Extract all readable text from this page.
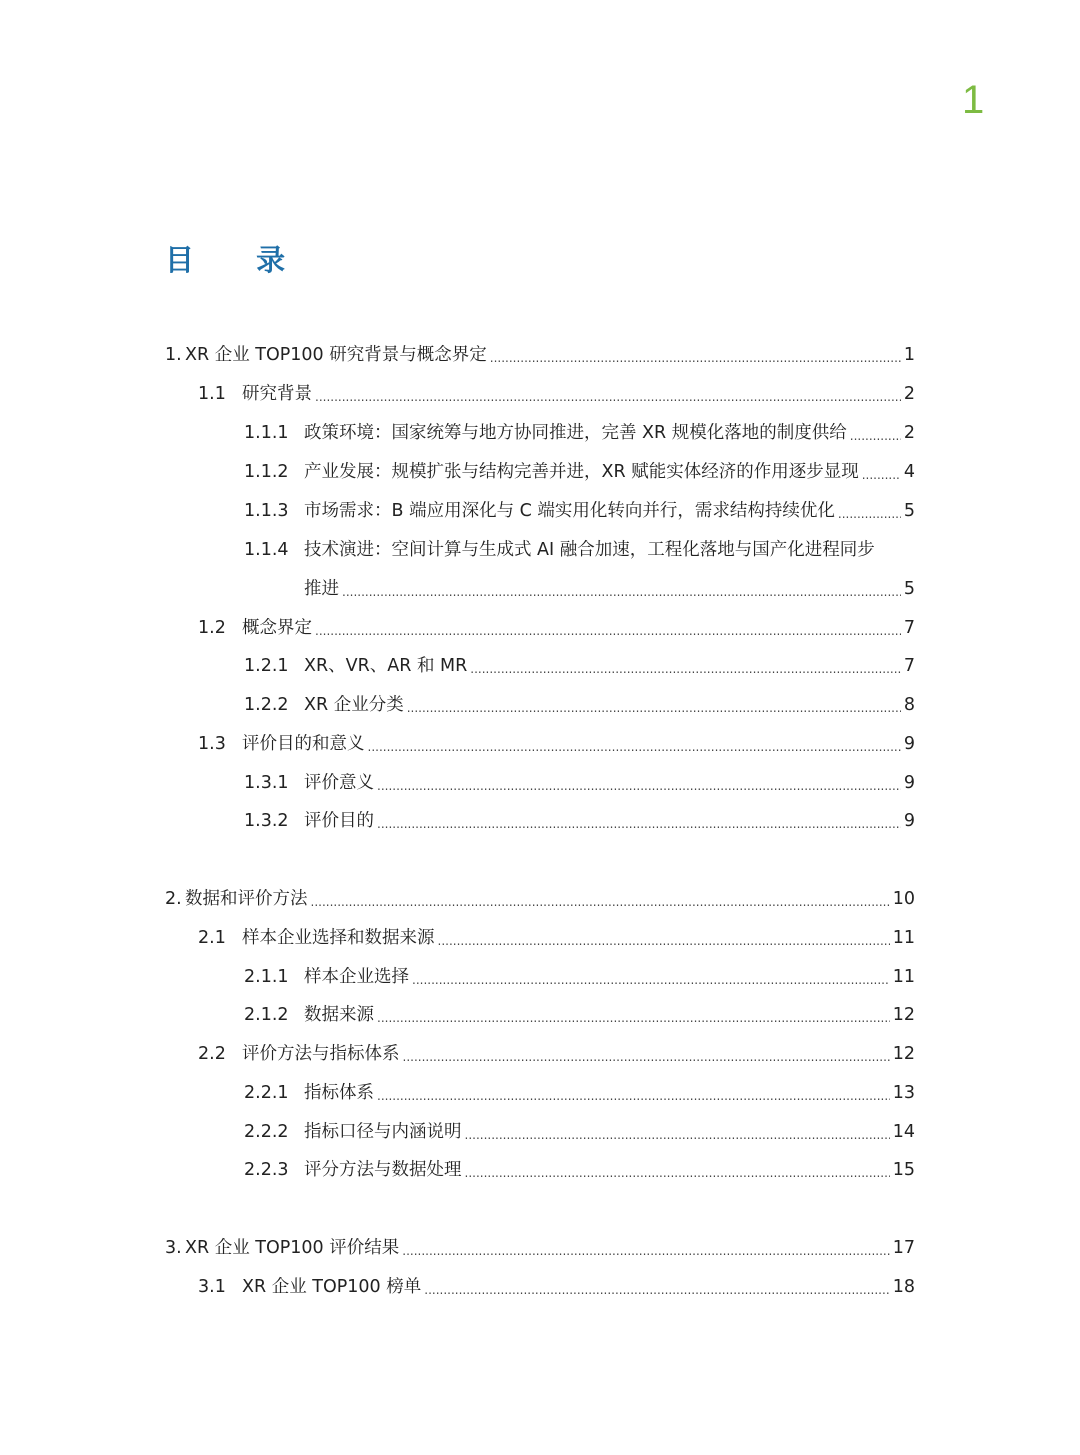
1
目 录
1. XR 企业 TOP100 研究背景与概念界定 .....	1
1.1 研究背景 .....	2
1.1.1 政策环境：国家统筹与地方协同推进，完善 XR 规模化落地的制度供给 .....	2
1.1.2 产业发展：规模扩张与结构完善并进，XR 赋能实体经济的作用逐步显现 .....	4
1.1.3 市场需求：B 端应用深化与 C 端实用化转向并行，需求结构持续优化 .....	5
1.1.4 技术演进：空间计算与生成式 AI 融合加速，工程化落地与国产化进程同步
推进 .....	5
1.2 概念界定 .....	7
1.2.1 XR、VR、AR 和 MR .....	7
1.2.2 XR 企业分类 .....	8
1.3 评价目的和意义 .....	9
1.3.1 评价意义 .....	9
1.3.2 评价目的 .....	9
2. 数据和评价方法 .....	10
2.1 样本企业选择和数据来源 .....	11
2.1.1 样本企业选择 .....	11
2.1.2 数据来源 .....	12
2.2 评价方法与指标体系 .....	12
2.2.1 指标体系 .....	13
2.2.2 指标口径与内涵说明 .....	14
2.2.3 评分方法与数据处理 .....	15
3. XR 企业 TOP100 评价结果 .....	17
3.1 XR 企业 TOP100 榜单 .....	18
